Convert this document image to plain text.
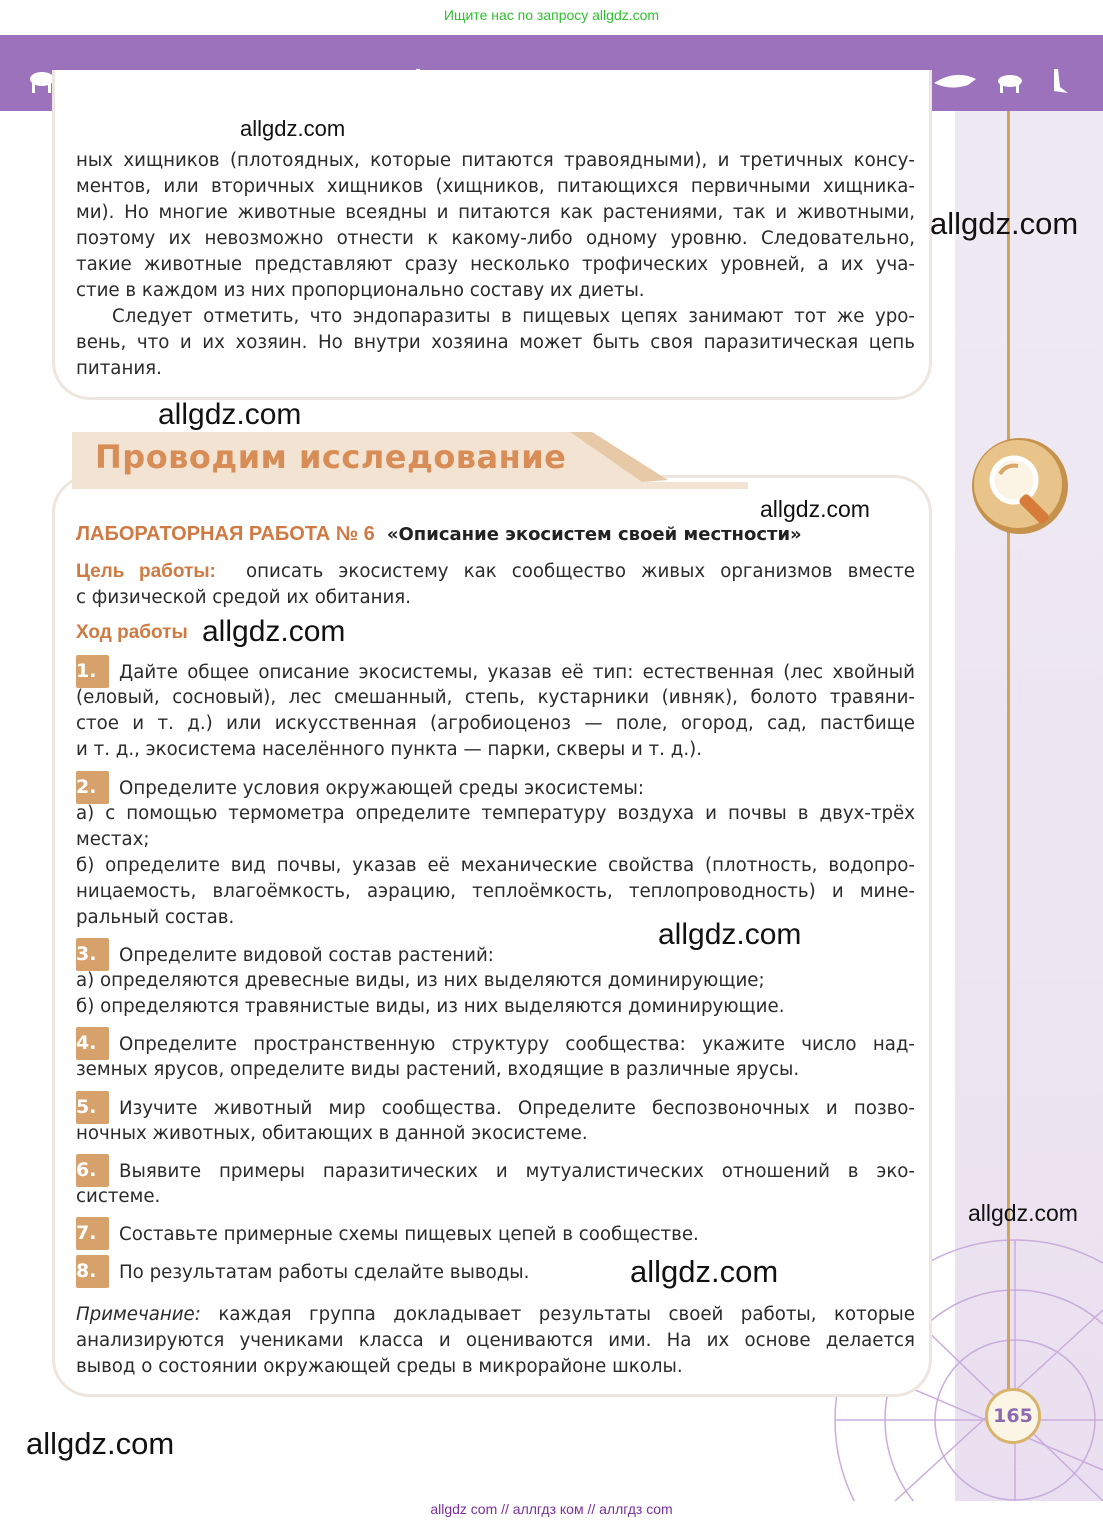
Ищите нас по запросу allgdz.com
ных хищников (плотоядных, которые питаются травоядными), и третичных консу-
ментов, или вторичных хищников (хищников, питающихся первичными хищника-
ми). Но многие животные всеядны и питаются как растениями, так и животными,
поэтому их невозможно отнести к какому-либо одному уровню. Следовательно,
такие животные представляют сразу несколько трофических уровней, а их уча-
стие в каждом из них пропорционально составу их диеты.
Следует отметить, что эндопаразиты в пищевых цепях занимают тот же уро-
вень, что и их хозяин. Но внутри хозяина может быть своя паразитическая цепь
питания.
Проводим исследование
ЛАБОРАТОРНАЯ РАБОТА № 6 «Описание экосистем своей местности»
Цель работы: описать экосистему как сообщество живых организмов вместе
с физической средой их обитания.
Ход работы
1. Дайте общее описание экосистемы, указав её тип: естественная (лес хвойный
(еловый, сосновый), лес смешанный, степь, кустарники (ивняк), болото травяни-
стое и т. д.) или искусственная (агробиоценоз — поле, огород, сад, пастбище
и т. д., экосистема населённого пункта — парки, скверы и т. д.).
2. Определите условия окружающей среды экосистемы:
а) с помощью термометра определите температуру воздуха и почвы в двух-трёх
местах;
б) определите вид почвы, указав её механические свойства (плотность, водопро-
ницаемость, влагоёмкость, аэрацию, теплоёмкость, теплопроводность) и мине-
ральный состав.
3. Определите видовой состав растений:
а) определяются древесные виды, из них выделяются доминирующие;
б) определяются травянистые виды, из них выделяются доминирующие.
4. Определите пространственную структуру сообщества: укажите число над-
земных ярусов, определите виды растений, входящие в различные ярусы.
5. Изучите животный мир сообщества. Определите беспозвоночных и позво-
ночных животных, обитающих в данной экосистеме.
6. Выявите примеры паразитических и мутуалистических отношений в эко-
системе.
7. Составьте примерные схемы пищевых цепей в сообществе.
8. По результатам работы сделайте выводы.
Примечание: каждая группа докладывает результаты своей работы, которые
анализируются учениками класса и оцениваются ими. На их основе делается
вывод о состоянии окружающей среды в микрорайоне школы.
allgdz.com
allgdz.com
allgdz.com
allgdz.com
allgdz.com
allgdz.com
allgdz.com
allgdz.com
allgdz.com
165
allgdz com // аллгдз ком // аллгдз com
